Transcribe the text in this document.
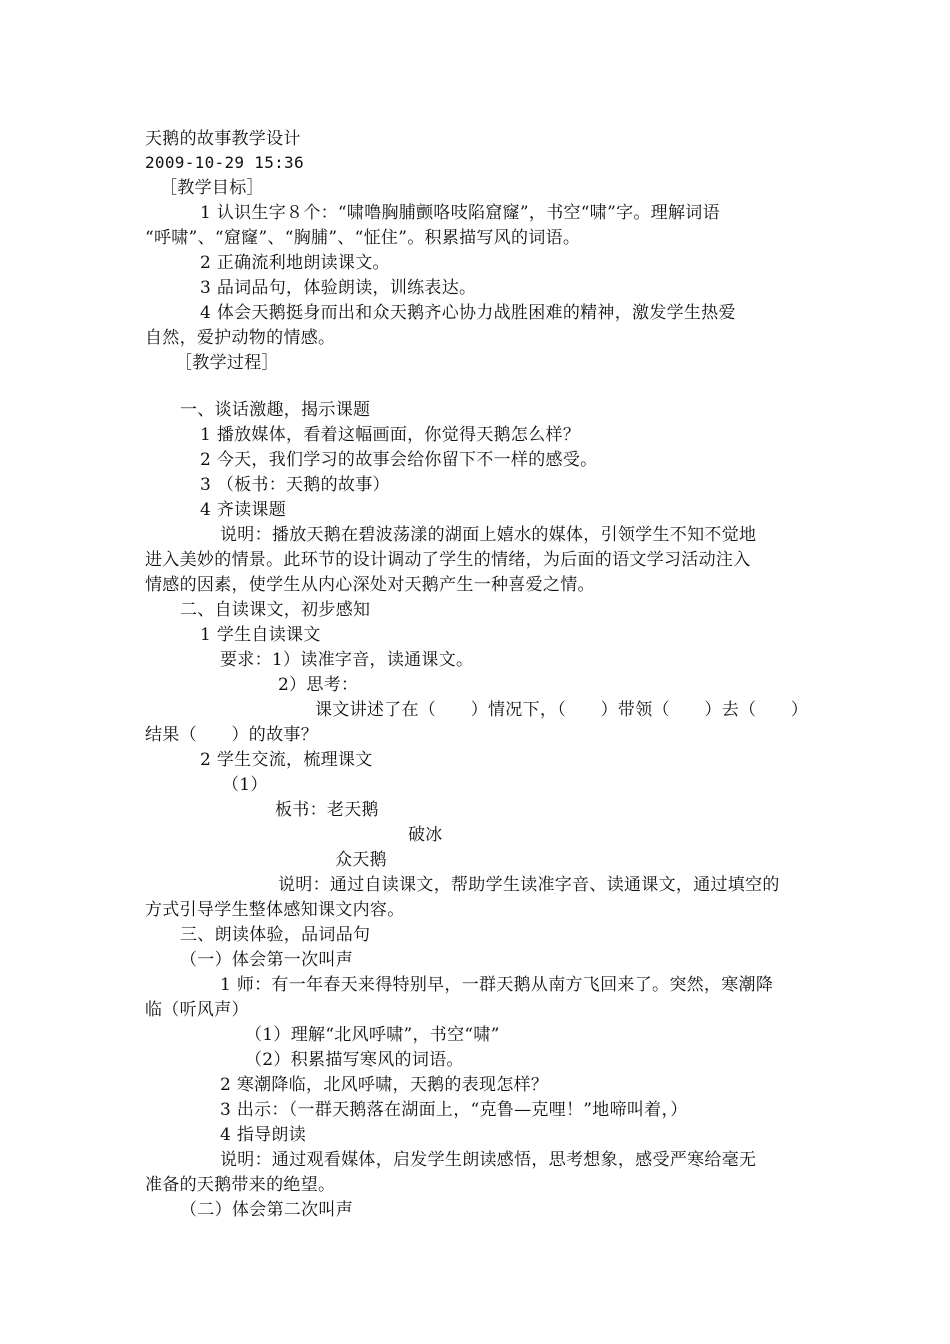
天鹅的故事教学设计
2009-10-29 15:36
［教学目标］
1 认识生字８个：“啸噜胸脯颤咯吱陷窟窿”，书空“啸”字。理解词语
“呼啸”、“窟窿”、“胸脯”、“怔住”。积累描写风的词语。
2 正确流利地朗读课文。
3 品词品句，体验朗读，训练表达。
4 体会天鹅挺身而出和众天鹅齐心协力战胜困难的精神，激发学生热爱
自然，爱护动物的情感。
［教学过程］
一、谈话激趣，揭示课题
1 播放媒体，看着这幅画面，你觉得天鹅怎么样？
2 今天，我们学习的故事会给你留下不一样的感受。
3 （板书：天鹅的故事）
4 齐读课题
说明：播放天鹅在碧波荡漾的湖面上嬉水的媒体，引领学生不知不觉地
进入美妙的情景。此环节的设计调动了学生的情绪，为后面的语文学习活动注入
情感的因素，使学生从内心深处对天鹅产生一种喜爱之情。
二、自读课文，初步感知
1 学生自读课文
要求：1）读准字音，读通课文。
2）思考：
课文讲述了在（　　）情况下，（　　）带领（　　）去（　　）
结果（　　）的故事？
2 学生交流，梳理课文
（1）
板书：老天鹅
破冰
众天鹅
说明：通过自读课文，帮助学生读准字音、读通课文，通过填空的
方式引导学生整体感知课文内容。
三、朗读体验，品词品句
（一）体会第一次叫声
1 师：有一年春天来得特别早，一群天鹅从南方飞回来了。突然，寒潮降
临（听风声）
（1）理解“北风呼啸”，书空“啸”
（2）积累描写寒风的词语。
2 寒潮降临，北风呼啸，天鹅的表现怎样？
3 出示：（一群天鹅落在湖面上，“克鲁—克哩！”地啼叫着，）
4 指导朗读
说明：通过观看媒体，启发学生朗读感悟，思考想象，感受严寒给毫无
准备的天鹅带来的绝望。
（二）体会第二次叫声
